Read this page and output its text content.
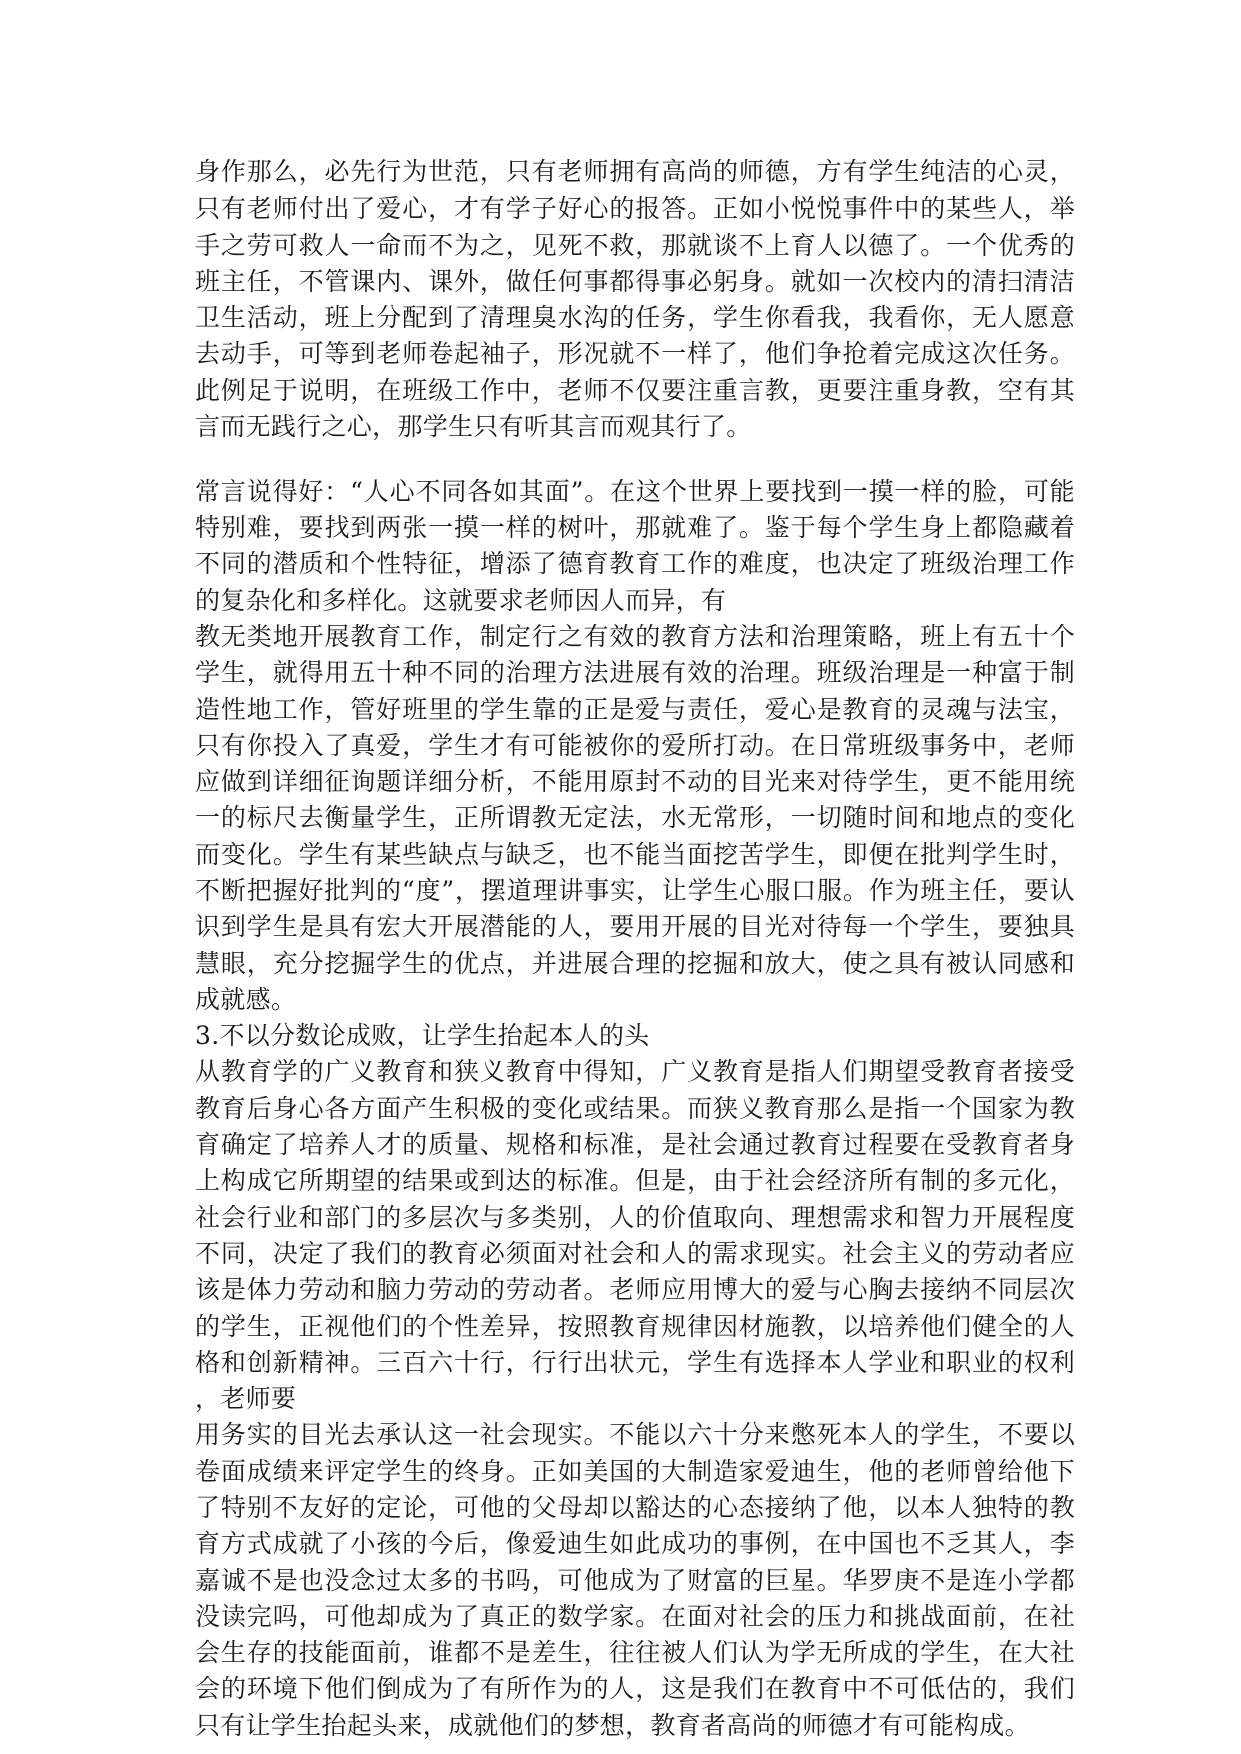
身作那么，必先行为世范，只有老师拥有高尚的师德，方有学生纯洁的心灵，
只有老师付出了爱心，才有学子好心的报答。正如小悦悦事件中的某些人，举
手之劳可救人一命而不为之，见死不救，那就谈不上育人以德了。一个优秀的
班主任，不管课内、课外，做任何事都得事必躬身。就如一次校内的清扫清洁
卫生活动，班上分配到了清理臭水沟的任务，学生你看我，我看你，无人愿意
去动手，可等到老师卷起袖子，形况就不一样了，他们争抢着完成这次任务。
此例足于说明，在班级工作中，老师不仅要注重言教，更要注重身教，空有其
言而无践行之心，那学生只有听其言而观其行了。
常言说得好：“人心不同各如其面”。在这个世界上要找到一摸一样的脸，可能
特别难，要找到两张一摸一样的树叶，那就难了。鉴于每个学生身上都隐藏着
不同的潜质和个性特征，增添了德育教育工作的难度，也决定了班级治理工作
的复杂化和多样化。这就要求老师因人而异，有
教无类地开展教育工作，制定行之有效的教育方法和治理策略，班上有五十个
学生，就得用五十种不同的治理方法进展有效的治理。班级治理是一种富于制
造性地工作，管好班里的学生靠的正是爱与责任，爱心是教育的灵魂与法宝，
只有你投入了真爱，学生才有可能被你的爱所打动。在日常班级事务中，老师
应做到详细征询题详细分析，不能用原封不动的目光来对待学生，更不能用统
一的标尺去衡量学生，正所谓教无定法，水无常形，一切随时间和地点的变化
而变化。学生有某些缺点与缺乏，也不能当面挖苦学生，即便在批判学生时，
不断把握好批判的“度”，摆道理讲事实，让学生心服口服。作为班主任，要认
识到学生是具有宏大开展潜能的人，要用开展的目光对待每一个学生，要独具
慧眼，充分挖掘学生的优点，并进展合理的挖掘和放大，使之具有被认同感和
成就感。
3.不以分数论成败，让学生抬起本人的头
从教育学的广义教育和狭义教育中得知，广义教育是指人们期望受教育者接受
教育后身心各方面产生积极的变化或结果。而狭义教育那么是指一个国家为教
育确定了培养人才的质量、规格和标准，是社会通过教育过程要在受教育者身
上构成它所期望的结果或到达的标准。但是，由于社会经济所有制的多元化，
社会行业和部门的多层次与多类别，人的价值取向、理想需求和智力开展程度
不同，决定了我们的教育必须面对社会和人的需求现实。社会主义的劳动者应
该是体力劳动和脑力劳动的劳动者。老师应用博大的爱与心胸去接纳不同层次
的学生，正视他们的个性差异，按照教育规律因材施教，以培养他们健全的人
格和创新精神。三百六十行，行行出状元，学生有选择本人学业和职业的权利
，老师要
用务实的目光去承认这一社会现实。不能以六十分来憋死本人的学生，不要以
卷面成绩来评定学生的终身。正如美国的大制造家爱迪生，他的老师曾给他下
了特别不友好的定论，可他的父母却以豁达的心态接纳了他，以本人独特的教
育方式成就了小孩的今后，像爱迪生如此成功的事例，在中国也不乏其人，李
嘉诚不是也没念过太多的书吗，可他成为了财富的巨星。华罗庚不是连小学都
没读完吗，可他却成为了真正的数学家。在面对社会的压力和挑战面前，在社
会生存的技能面前，谁都不是差生，往往被人们认为学无所成的学生，在大社
会的环境下他们倒成为了有所作为的人，这是我们在教育中不可低估的，我们
只有让学生抬起头来，成就他们的梦想，教育者高尚的师德才有可能构成。
